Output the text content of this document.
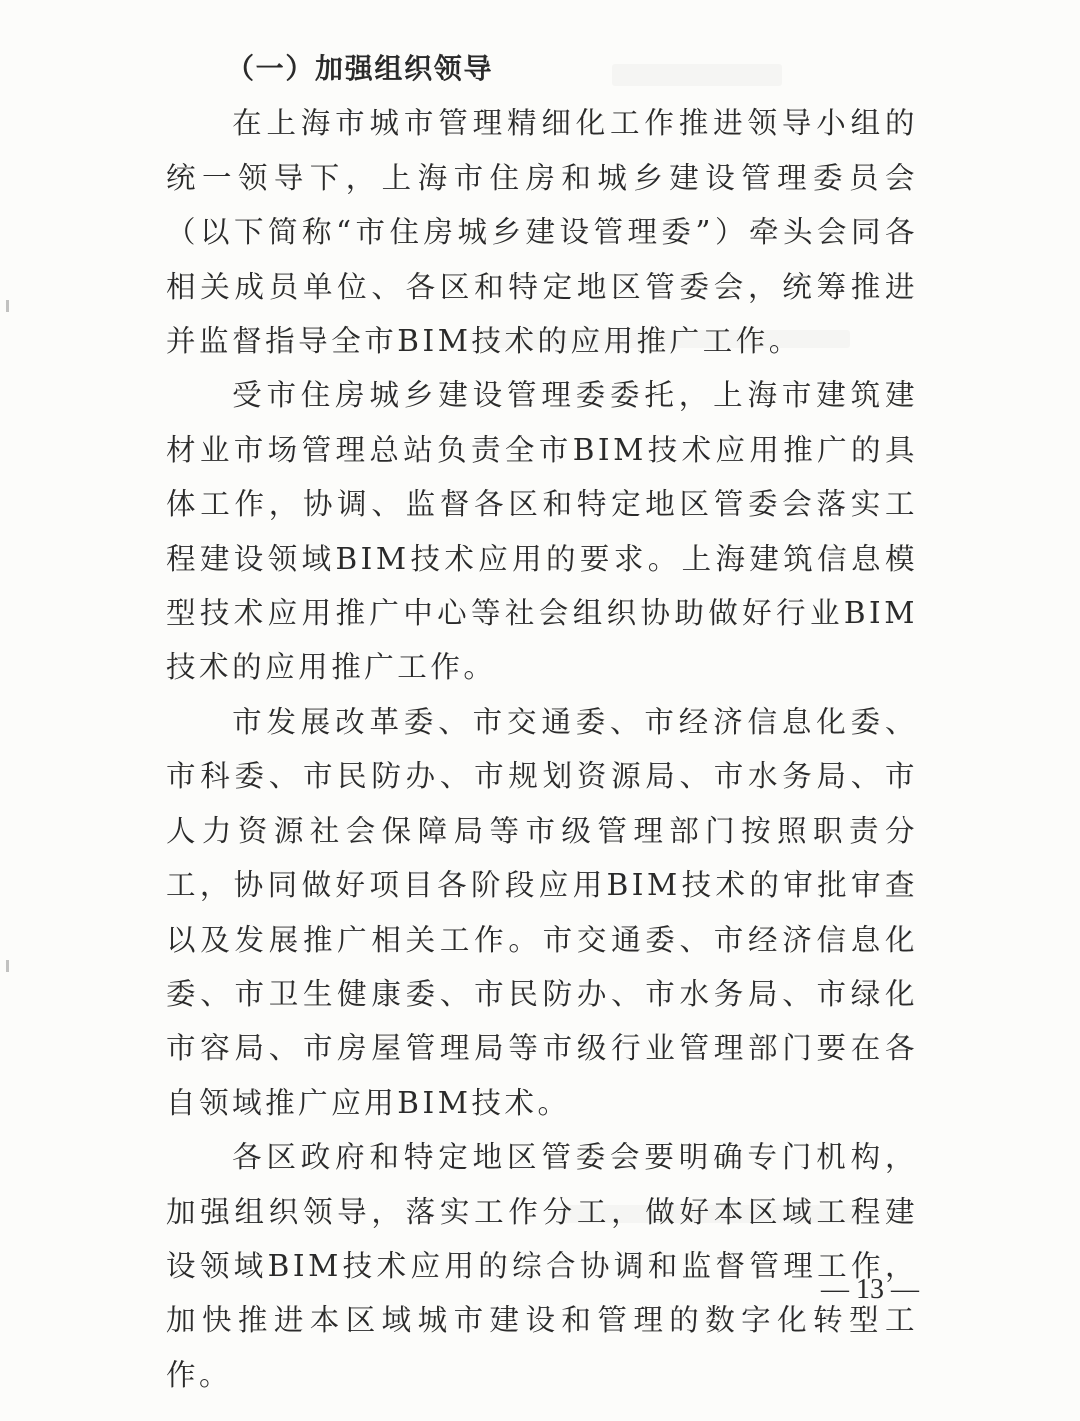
（一）加强组织领导

在上海市城市管理精细化工作推进领导小组的统一领导下，上海市住房和城乡建设管理委员会（以下简称“市住房城乡建设管理委”）牵头会同各相关成员单位、各区和特定地区管委会，统筹推进并监督指导全市BIM技术的应用推广工作。

受市住房城乡建设管理委委托，上海市建筑建材业市场管理总站负责全市BIM技术应用推广的具体工作，协调、监督各区和特定地区管委会落实工程建设领域BIM技术应用的要求。上海建筑信息模型技术应用推广中心等社会组织协助做好行业BIM技术的应用推广工作。

市发展改革委、市交通委、市经济信息化委、市科委、市民防办、市规划资源局、市水务局、市人力资源社会保障局等市级管理部门按照职责分工，协同做好项目各阶段应用BIM技术的审批审查以及发展推广相关工作。市交通委、市经济信息化委、市卫生健康委、市民防办、市水务局、市绿化市容局、市房屋管理局等市级行业管理部门要在各自领域推广应用BIM技术。

各区政府和特定地区管委会要明确专门机构，加强组织领导，落实工作分工，做好本区域工程建设领域BIM技术应用的综合协调和监督管理工作，加快推进本区域城市建设和管理的数字化转型工作。

— 13 —
